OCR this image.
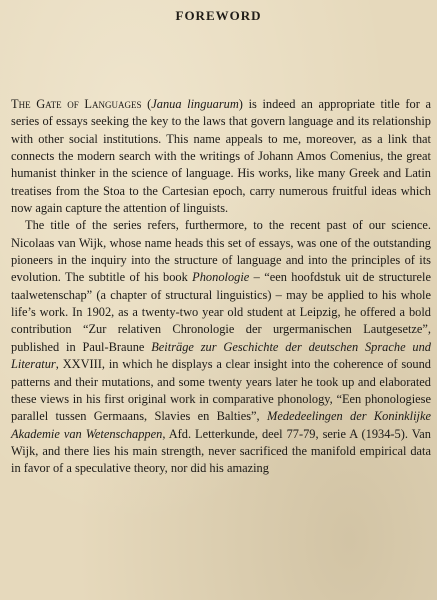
FOREWORD

The Gate of Languages (Janua linguarum) is indeed an appropriate title for a series of essays seeking the key to the laws that govern language and its relationship with other social institutions. This name appeals to me, moreover, as a link that connects the modern search with the writings of Johann Amos Comenius, the great humanist thinker in the science of language. His works, like many Greek and Latin treatises from the Stoa to the Cartesian epoch, carry numerous fruitful ideas which now again capture the attention of linguists.

The title of the series refers, furthermore, to the recent past of our science. Nicolaas van Wijk, whose name heads this set of essays, was one of the outstanding pioneers in the inquiry into the structure of language and into the principles of its evolution. The subtitle of his book Phonologie – “een hoofdstuk uit de structurele taalwetenschap” (a chapter of structural linguistics) – may be applied to his whole life’s work. In 1902, as a twenty-two year old student at Leipzig, he offered a bold contribution “Zur relativen Chronologie der urgermanischen Lautgesetze”, published in Paul-Braune Beiträge zur Geschichte der deutschen Sprache und Literatur, XXVIII, in which he displays a clear insight into the coherence of sound patterns and their mutations, and some twenty years later he took up and elaborated these views in his first original work in comparative phonology, “Een phonologiese parallel tussen Germaans, Slavies en Balties”, Mededeelingen der Koninklijke Akademie van Wetenschappen, Afd. Letterkunde, deel 77-79, serie A (1934-5). Van Wijk, and there lies his main strength, never sacrificed the manifold empirical data in favor of a speculative theory, nor did his amazing
